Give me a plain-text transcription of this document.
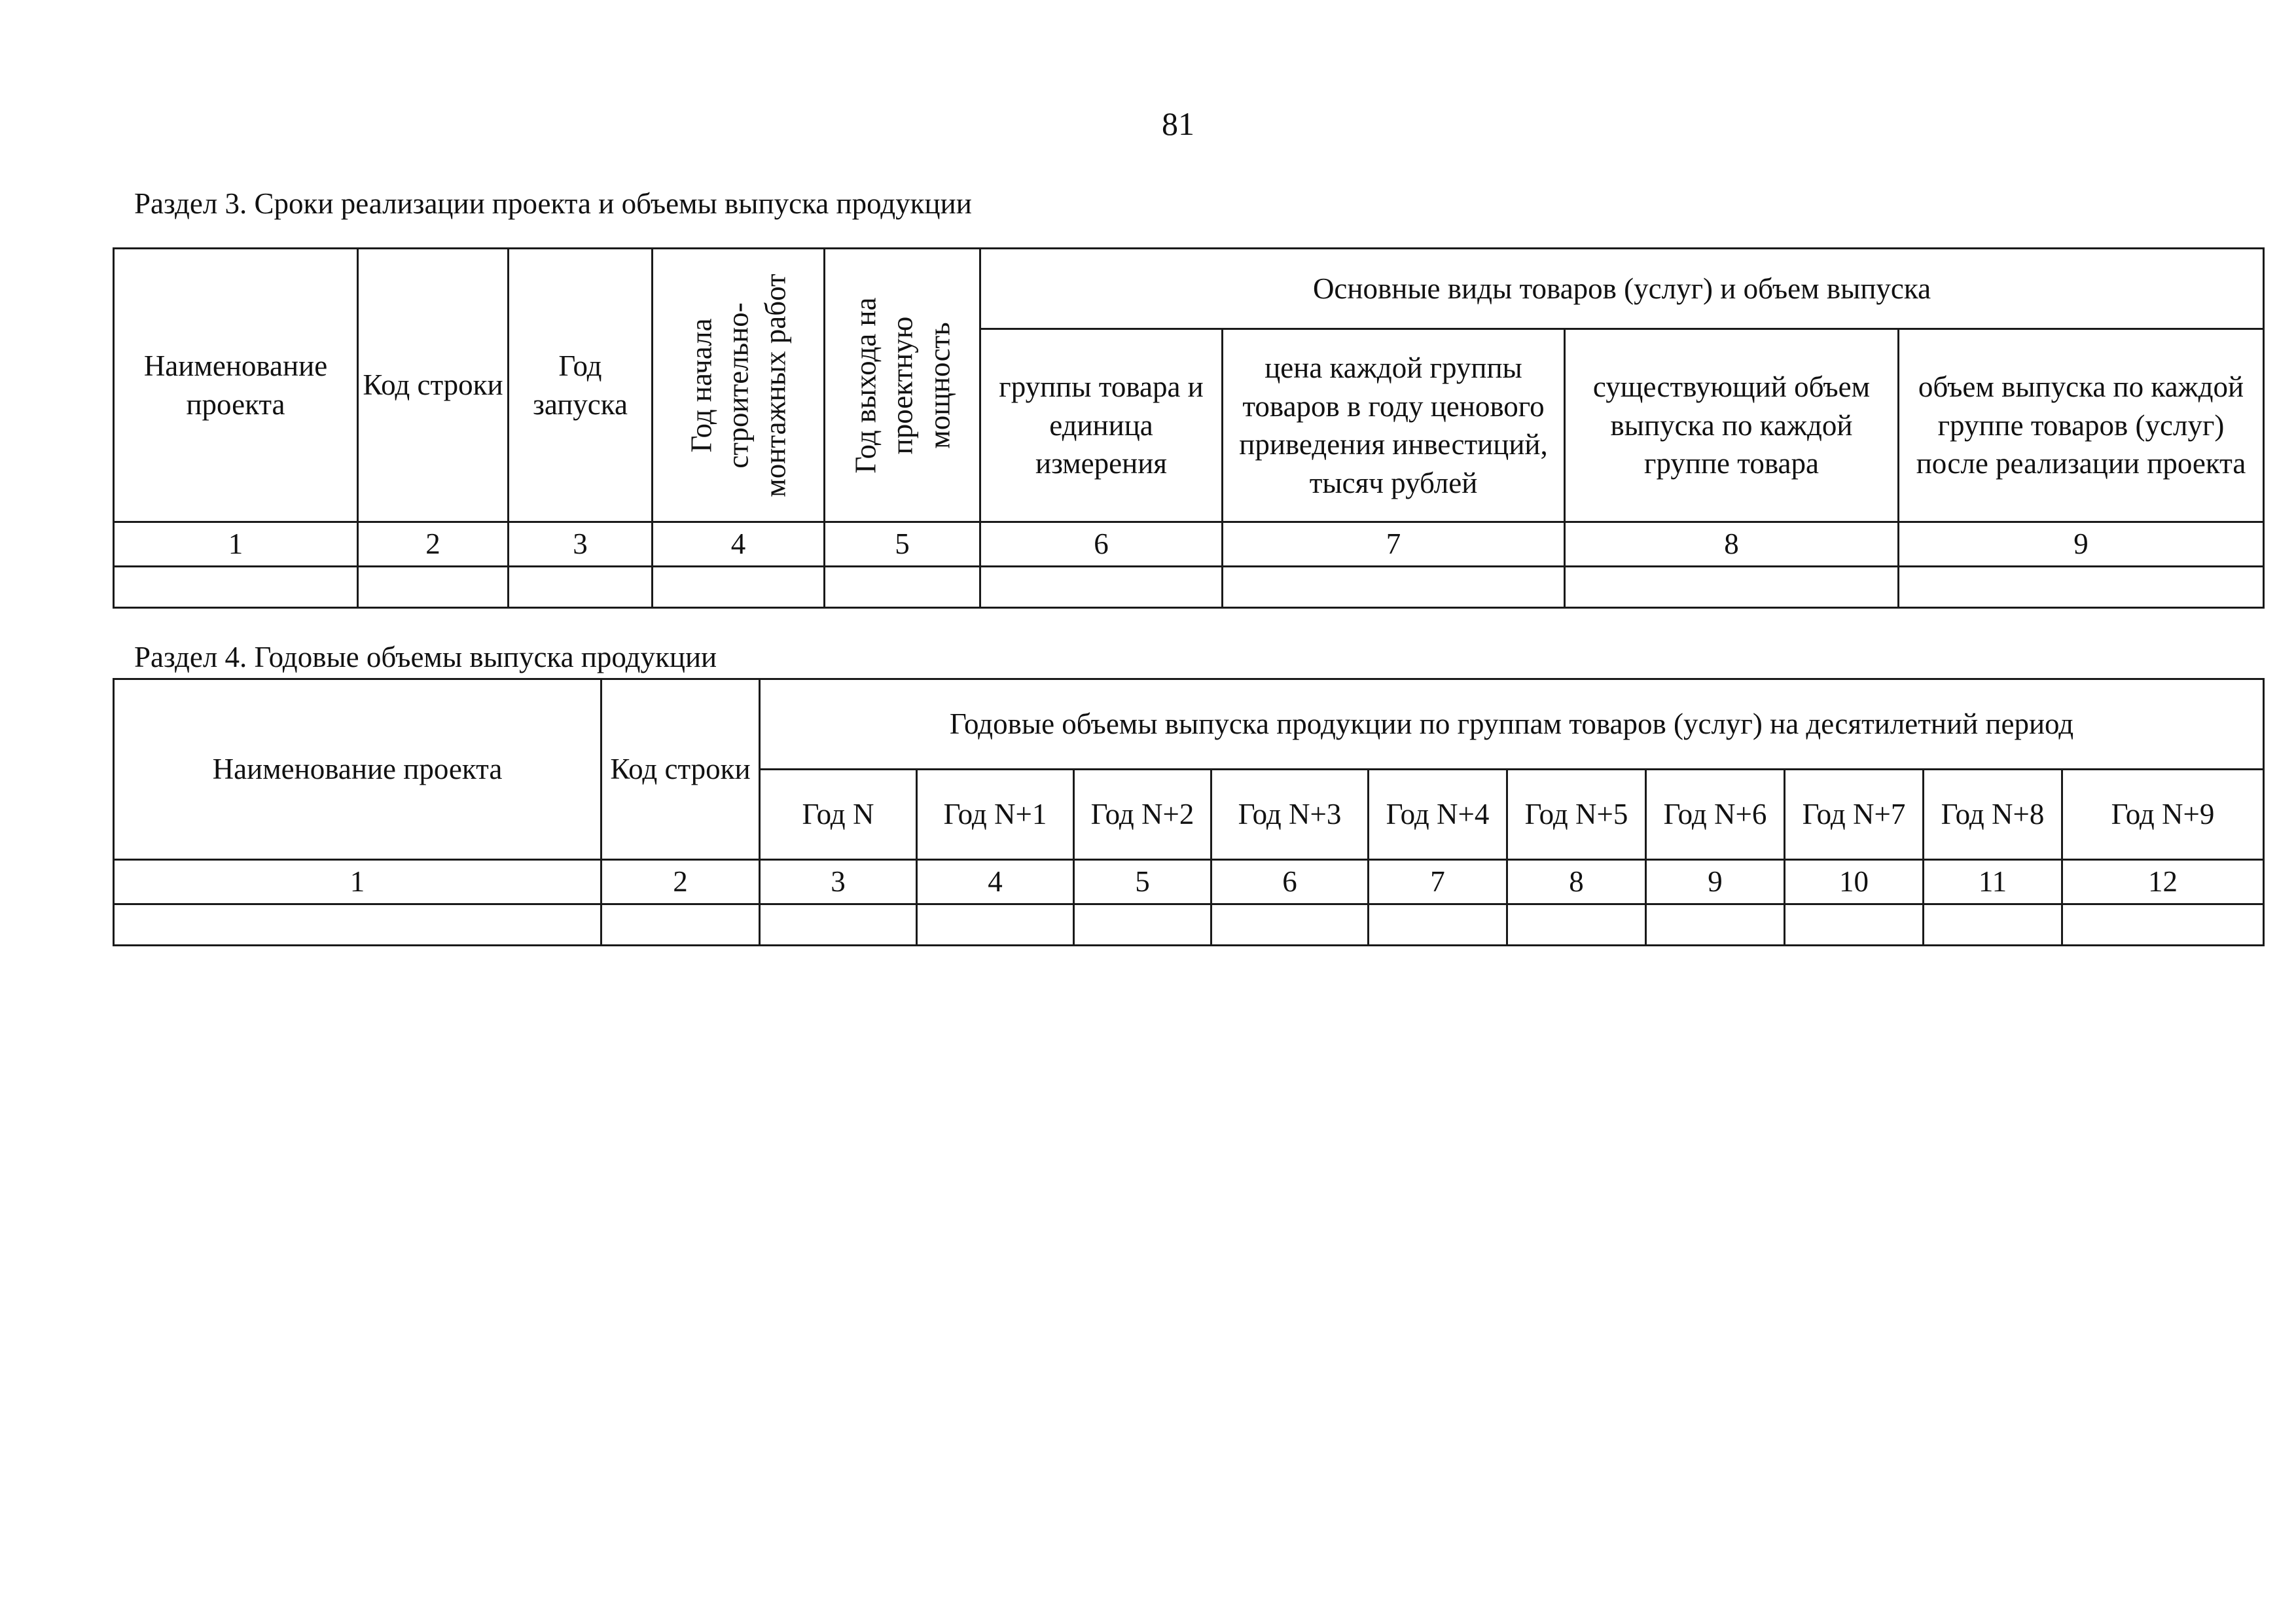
81
Раздел 3. Сроки реализации проекта и объемы выпуска продукции
Наименование проекта	Код строки	Год запуска	Год начала строительно-монтажных работ	Год выхода на проектную мощность	Основные виды товаров (услуг) и объем выпуска			
					группы товара и единица измерения	цена каждой группы товаров в году ценового приведения инвестиций, тысяч рублей	существующий объем выпуска по каждой группе товара	объем выпуска по каждой группе товаров (услуг) после реализации проекта
1	2	3	4	5	6	7	8	9

Раздел 4. Годовые объемы выпуска продукции
Наименование проекта	Код строки	Годовые объемы выпуска продукции по группам товаров (услуг) на десятилетний период									
		Год N	Год N+1	Год N+2	Год N+3	Год N+4	Год N+5	Год N+6	Год N+7	Год N+8	Год N+9
1	2	3	4	5	6	7	8	9	10	11	12
